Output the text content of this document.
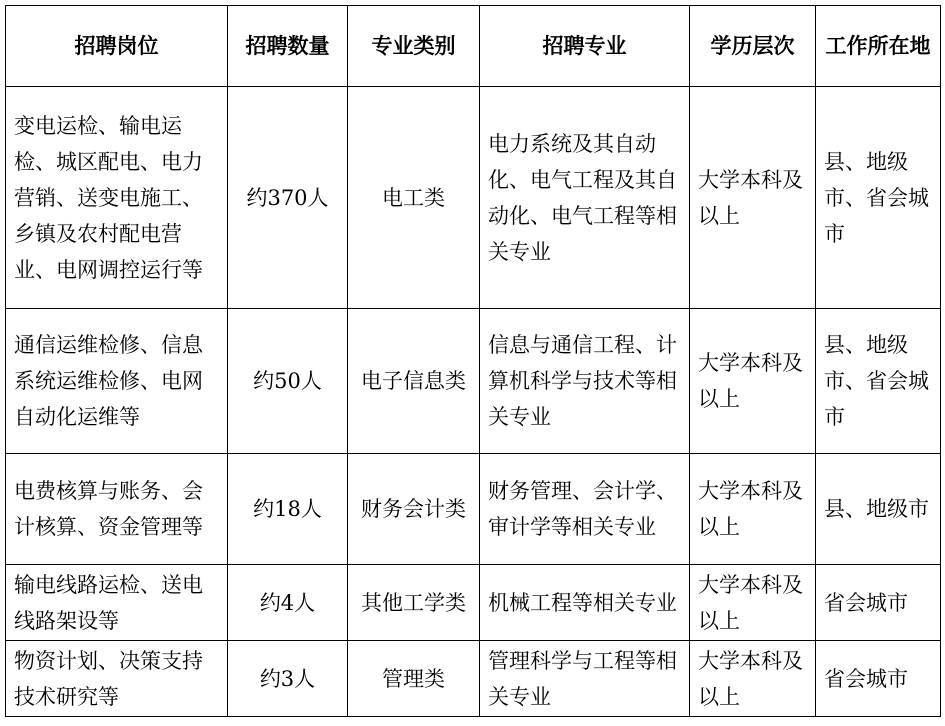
招聘岗位	招聘数量	专业类别	招聘专业	学历层次	工作所在地
变电运检、输电运检、城区配电、电力营销、送变电施工、乡镇及农村配电营业、电网调控运行等	约370人	电工类	电力系统及其自动化、电气工程及其自动化、电气工程等相关专业	大学本科及以上	县、地级市、省会城市
通信运维检修、信息系统运维检修、电网自动化运维等	约50人	电子信息类	信息与通信工程、计算机科学与技术等相关专业	大学本科及以上	县、地级市、省会城市
电费核算与账务、会计核算、资金管理等	约18人	财务会计类	财务管理、会计学、审计学等相关专业	大学本科及以上	县、地级市
输电线路运检、送电线路架设等	约4人	其他工学类	机械工程等相关专业	大学本科及以上	省会城市
物资计划、决策支持技术研究等	约3人	管理类	管理科学与工程等相关专业	大学本科及以上	省会城市
